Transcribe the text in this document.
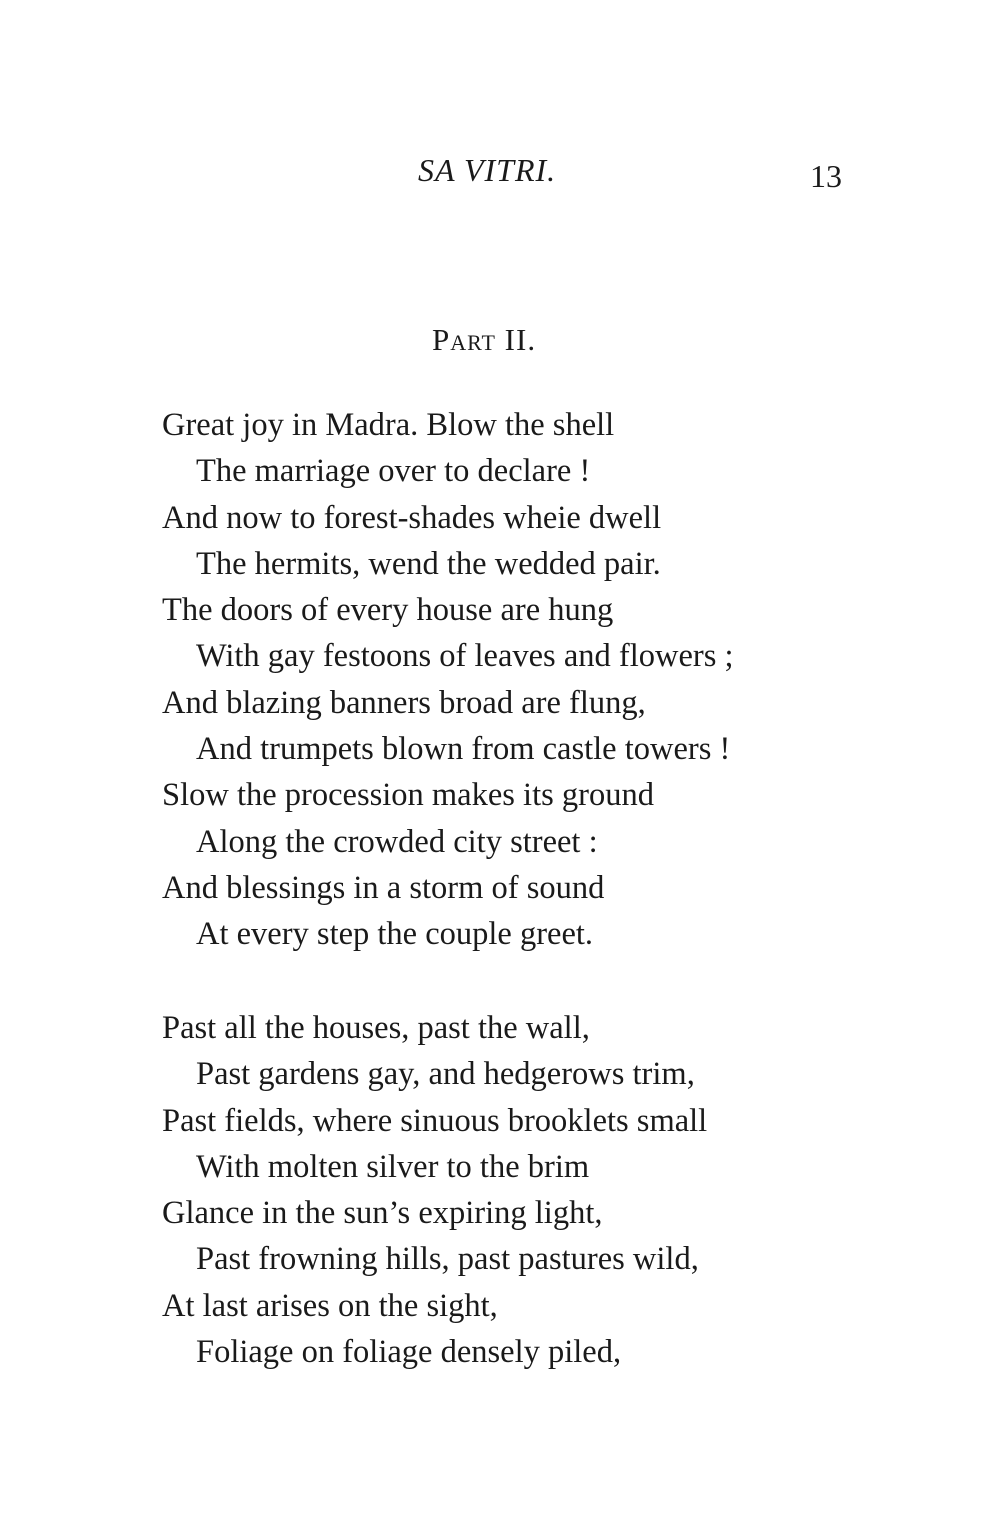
SA VITRI.	13
Part II.
Great joy in Madra. Blow the shell
The marriage over to declare !
And now to forest-shades wheie dwell
The hermits, wend the wedded pair.
The doors of every house are hung
With gay festoons of leaves and flowers ;
And blazing banners broad are flung,
And trumpets blown from castle towers !
Slow the procession makes its ground
Along the crowded city street :
And blessings in a storm of sound
At every step the couple greet.
Past all the houses, past the wall,
Past gardens gay, and hedgerows trim,
Past fields, where sinuous brooklets small
With molten silver to the brim
Glance in the sun’s expiring light,
Past frowning hills, past pastures wild,
At last arises on the sight,
Foliage on foliage densely piled,
